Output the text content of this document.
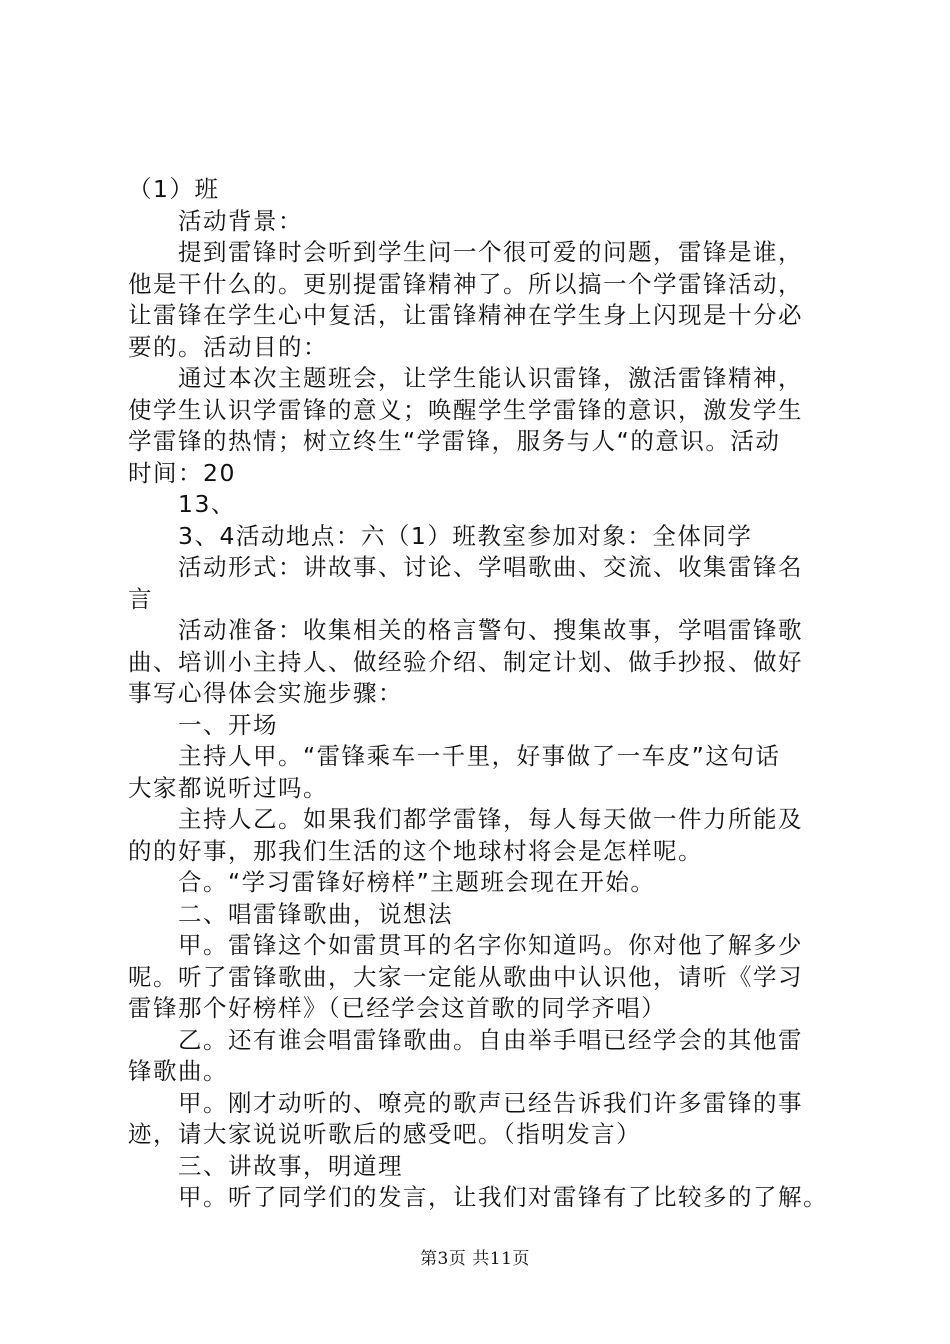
（1）班
活动背景：
提到雷锋时会听到学生问一个很可爱的问题，雷锋是谁，
他是干什么的。更别提雷锋精神了。所以搞一个学雷锋活动，
让雷锋在学生心中复活，让雷锋精神在学生身上闪现是十分必
要的。活动目的：
通过本次主题班会，让学生能认识雷锋，激活雷锋精神，
使学生认识学雷锋的意义；唤醒学生学雷锋的意识，激发学生
学雷锋的热情；树立终生“学雷锋，服务与人“的意识。活动
时间：20
13、
3、4活动地点：六（1）班教室参加对象：全体同学
活动形式：讲故事、讨论、学唱歌曲、交流、收集雷锋名
言
活动准备：收集相关的格言警句、搜集故事，学唱雷锋歌
曲、培训小主持人、做经验介绍、制定计划、做手抄报、做好
事写心得体会实施步骤：
一、开场
主持人甲。“雷锋乘车一千里，好事做了一车皮”这句话
大家都说听过吗。
主持人乙。如果我们都学雷锋，每人每天做一件力所能及
的的好事，那我们生活的这个地球村将会是怎样呢。
合。“学习雷锋好榜样”主题班会现在开始。
二、唱雷锋歌曲，说想法
甲。雷锋这个如雷贯耳的名字你知道吗。你对他了解多少
呢。听了雷锋歌曲，大家一定能从歌曲中认识他，请听《学习
雷锋那个好榜样》（已经学会这首歌的同学齐唱）
乙。还有谁会唱雷锋歌曲。自由举手唱已经学会的其他雷
锋歌曲。
甲。刚才动听的、嘹亮的歌声已经告诉我们许多雷锋的事
迹，请大家说说听歌后的感受吧。（指明发言）
三、讲故事，明道理
甲。听了同学们的发言，让我们对雷锋有了比较多的了解。
第3页 共11页
